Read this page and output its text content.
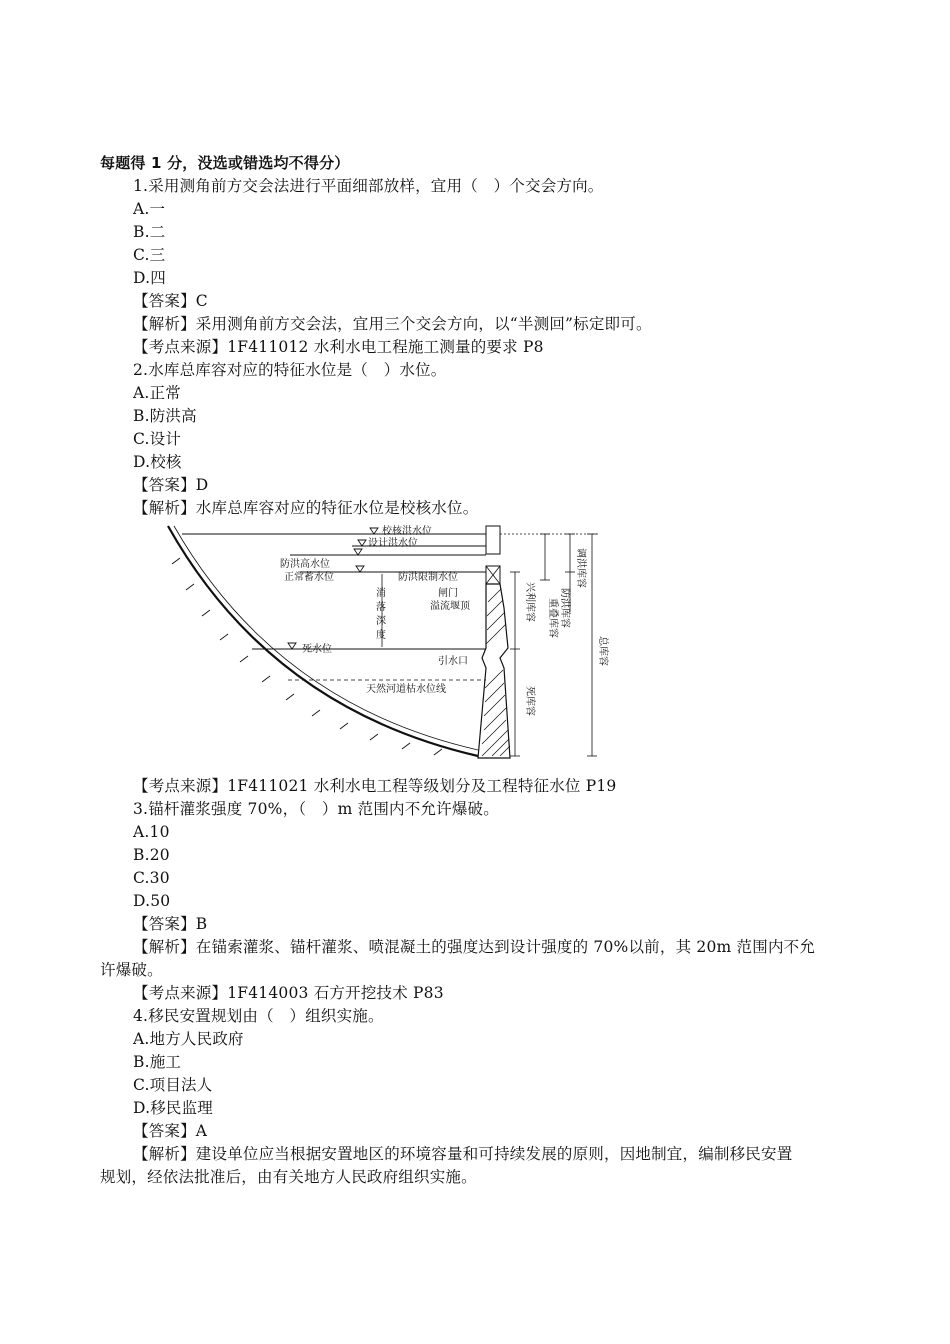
每题得 1 分，没选或错选均不得分）
1.采用测角前方交会法进行平面细部放样，宜用（　）个交会方向。
A.一
B.二
C.三
D.四
【答案】C
【解析】采用测角前方交会法，宜用三个交会方向，以“半测回”标定即可。
【考点来源】1F411012 水利水电工程施工测量的要求 P8
2.水库总库容对应的特征水位是（　）水位。
A.正常
B.防洪高
C.设计
D.校核
【答案】D
【解析】水库总库容对应的特征水位是校核水位。
校核洪水位
设计洪水位
防洪高水位
正常蓄水位	防洪限制水位
死水位
天然河道枯水位线
消
落
深
度
闸门
溢流堰顶
引水口
调洪库容
兴利库容 重叠库容 防洪库容
死库容
总库容
【考点来源】1F411021 水利水电工程等级划分及工程特征水位 P19
3.锚杆灌浆强度 70%，（　）m 范围内不允许爆破。
A.10
B.20
C.30
D.50
【答案】B
【解析】在锚索灌浆、锚杆灌浆、喷混凝土的强度达到设计强度的 70%以前，其 20m 范围内不允
许爆破。
【考点来源】1F414003 石方开挖技术 P83
4.移民安置规划由（　）组织实施。
A.地方人民政府
B.施工
C.项目法人
D.移民监理
【答案】A
【解析】建设单位应当根据安置地区的环境容量和可持续发展的原则，因地制宜，编制移民安置
规划，经依法批准后，由有关地方人民政府组织实施。
